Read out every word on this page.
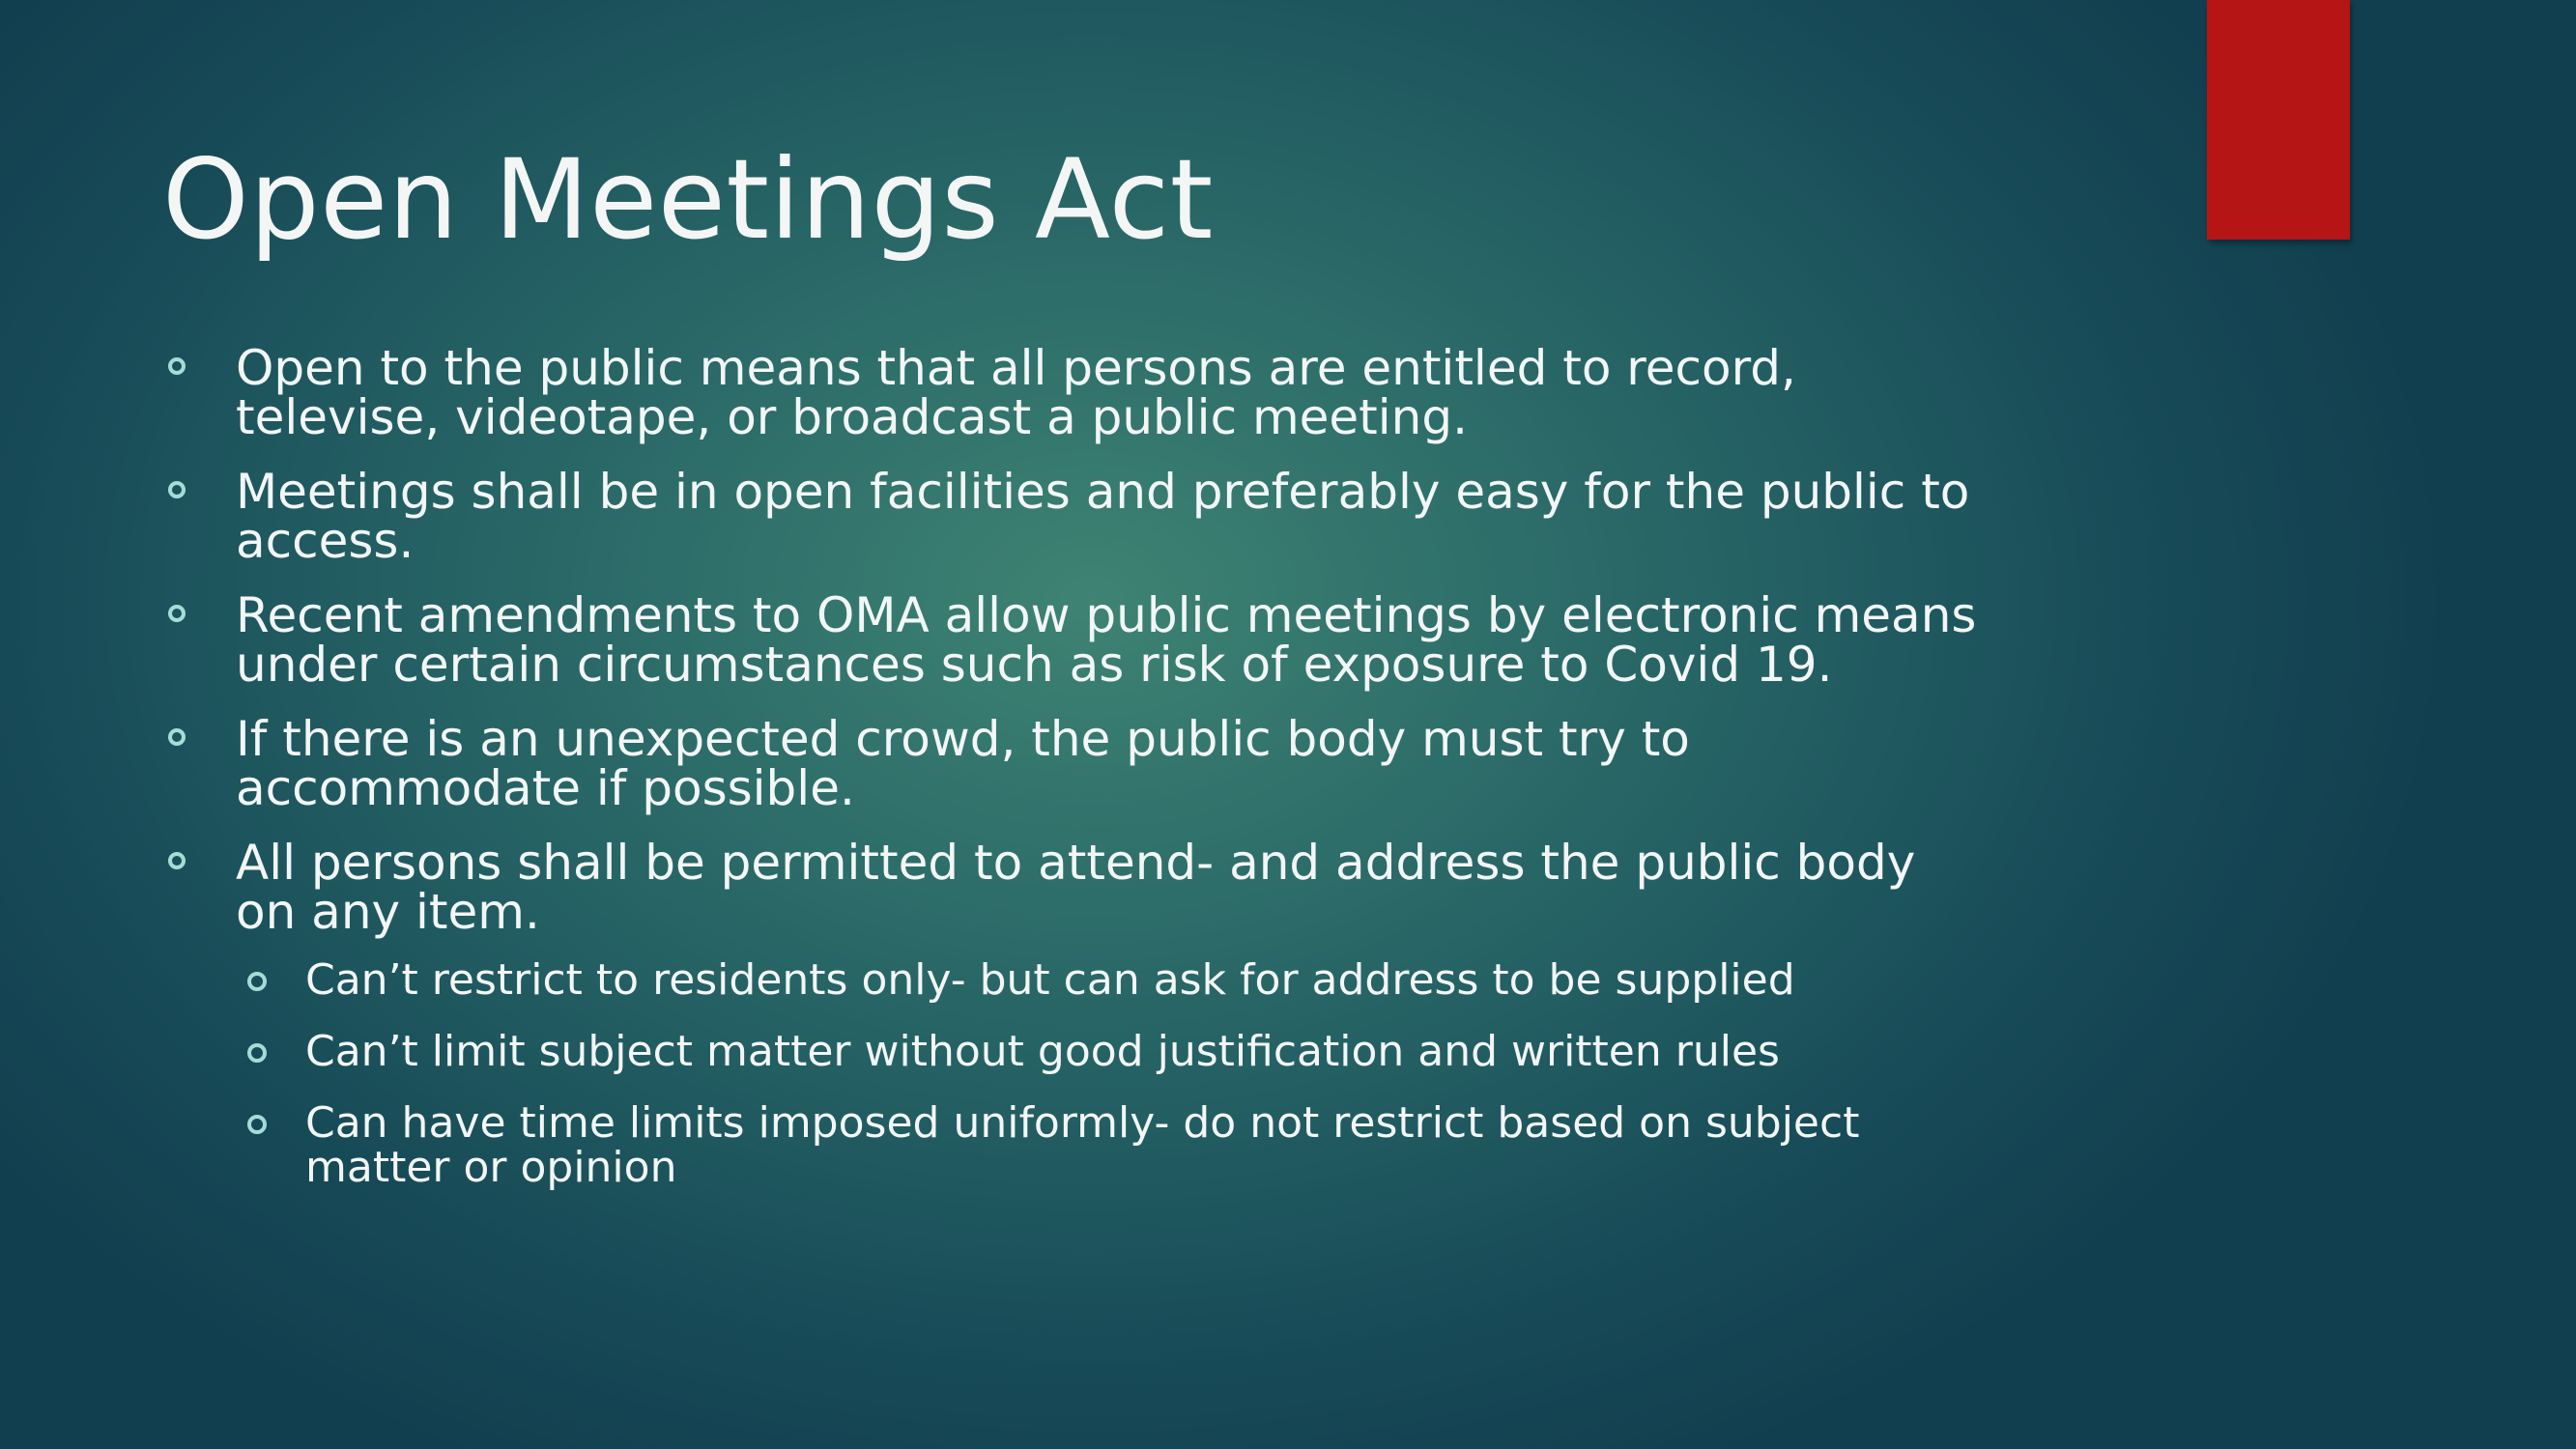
Open Meetings Act
Open to the public means that all persons are entitled to record, televise, videotape, or broadcast a public meeting.
Meetings shall be in open facilities and preferably easy for the public to access.
Recent amendments to OMA allow public meetings by electronic means under certain circumstances such as risk of exposure to Covid 19.
If there is an unexpected crowd, the public body must try to accommodate if possible.
All persons shall be permitted to attend- and address the public body on any item.
Can’t restrict to residents only- but can ask for address to be supplied
Can’t limit subject matter without good justification and written rules
Can have time limits imposed uniformly- do not restrict based on subject matter or opinion
